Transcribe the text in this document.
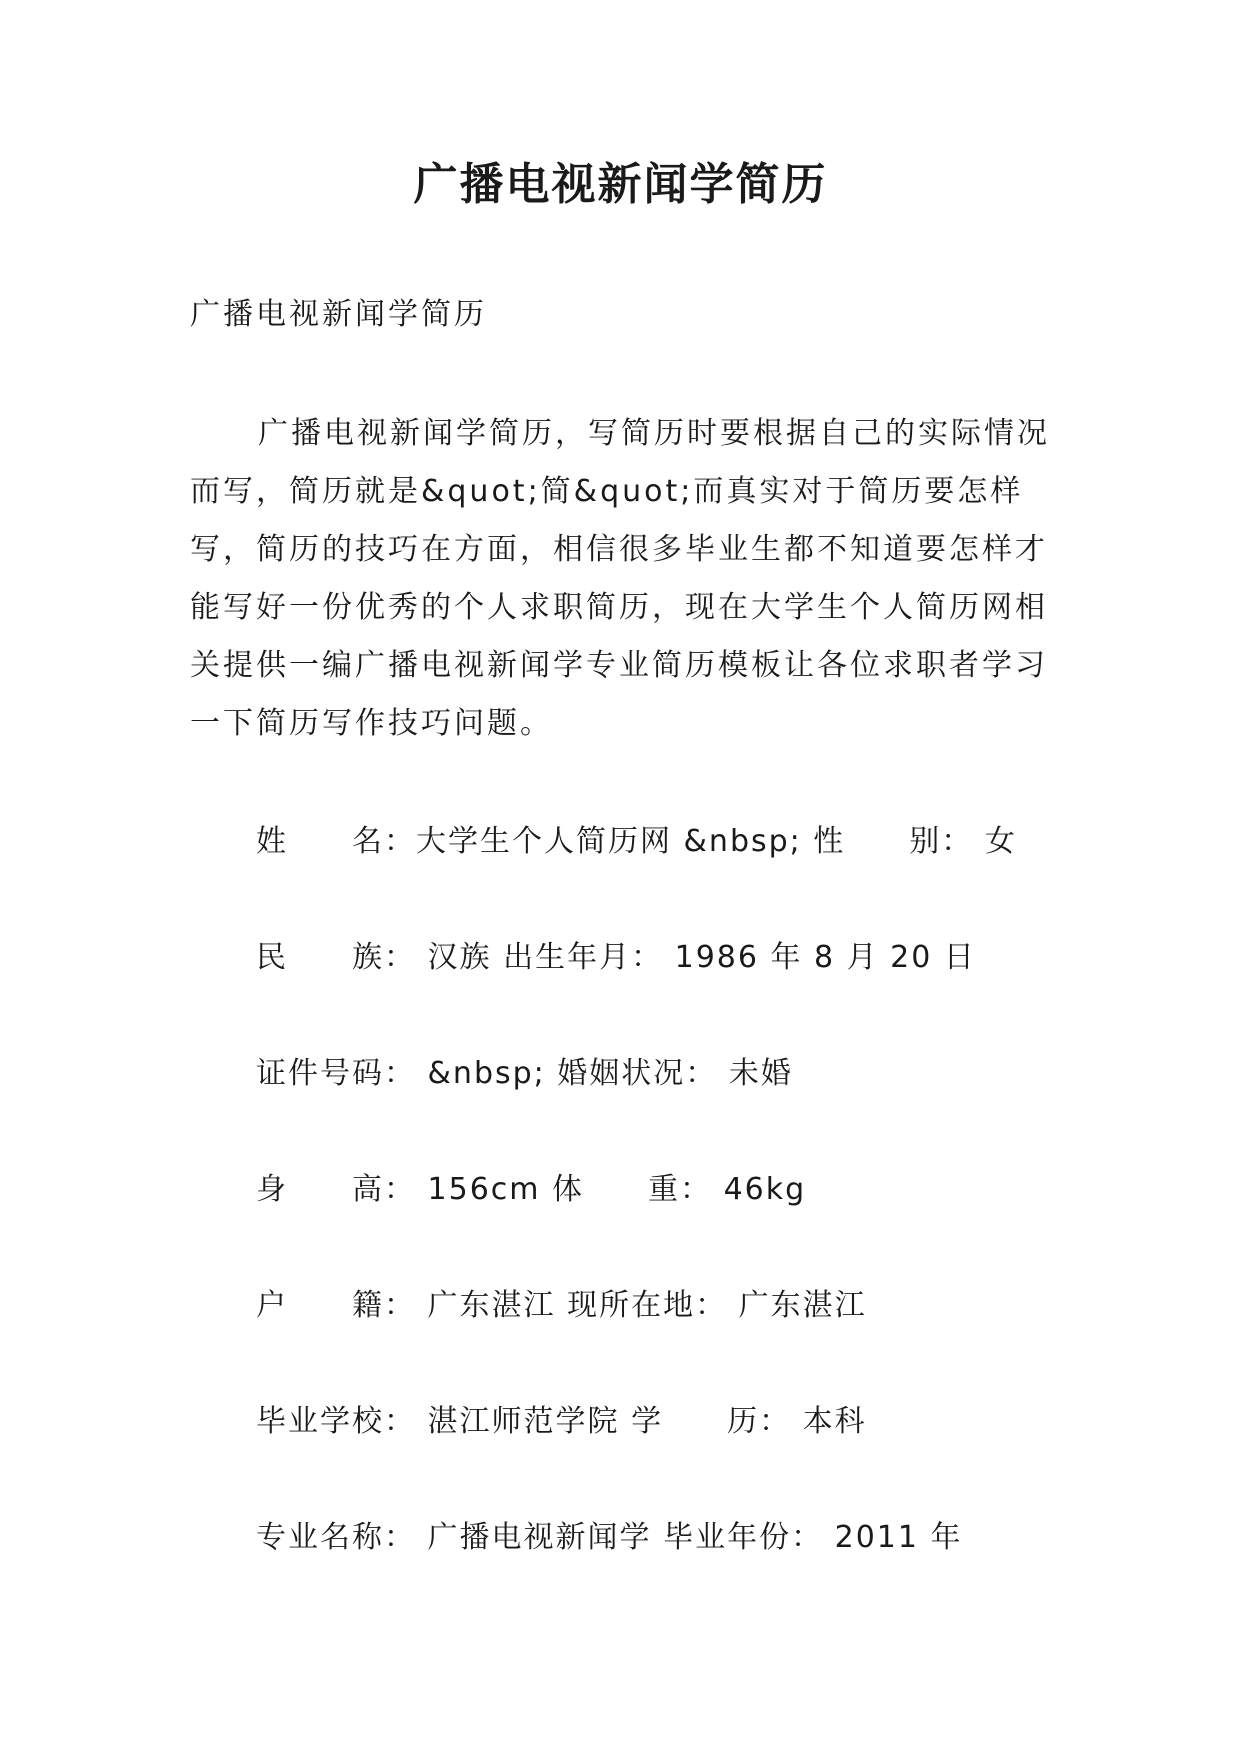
广播电视新闻学简历
广播电视新闻学简历

广播电视新闻学简历，写简历时要根据自己的实际情况而写，简历就是&quot;简&quot;而真实对于简历要怎样写，简历的技巧在方面，相信很多毕业生都不知道要怎样才能写好一份优秀的个人求职简历，现在大学生个人简历网相关提供一编广播电视新闻学专业简历模板让各位求职者学习一下简历写作技巧问题。

姓　　名：大学生个人简历网 &nbsp; 性　　别： 女
民　　族： 汉族 出生年月： 1986 年 8 月 20 日
证件号码： &nbsp; 婚姻状况： 未婚
身　　高： 156cm 体　　重： 46kg
户　　籍： 广东湛江 现所在地： 广东湛江
毕业学校： 湛江师范学院 学　　历： 本科
专业名称： 广播电视新闻学 毕业年份： 2011 年
